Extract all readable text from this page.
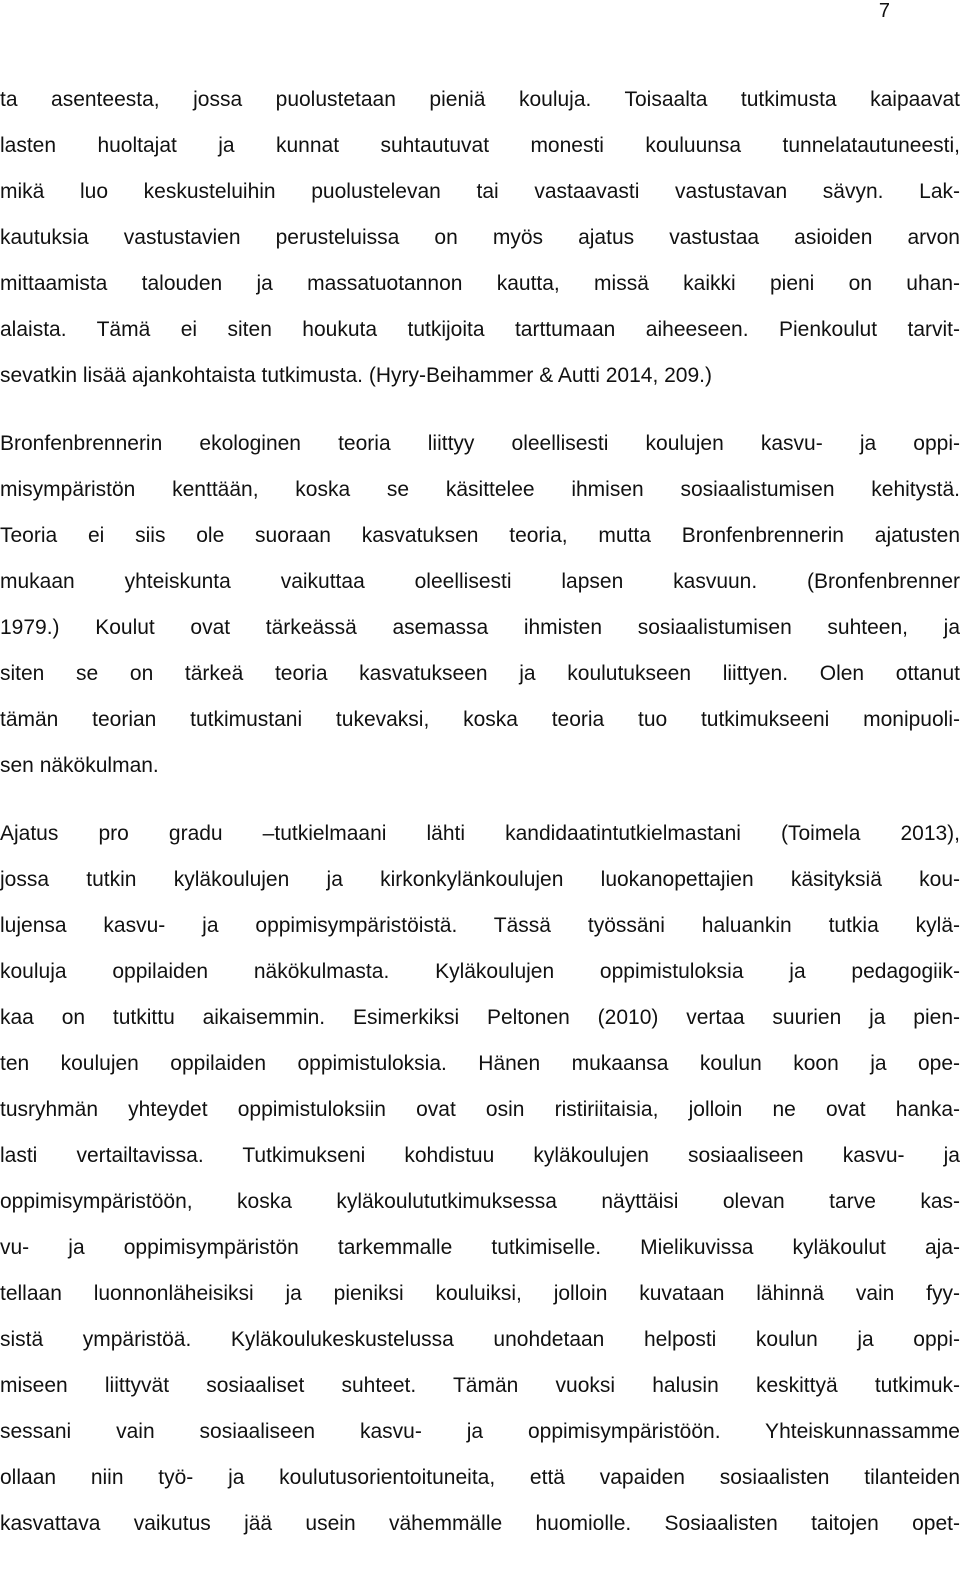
7

ta asenteesta, jossa puolustetaan pieniä kouluja. Toisaalta tutkimusta kaipaavat
lasten huoltajat ja kunnat suhtautuvat monesti kouluunsa tunnelatautuneesti,
mikä luo keskusteluihin puolustelevan tai vastaavasti vastustavan sävyn. Lak-
kautuksia vastustavien perusteluissa on myös ajatus vastustaa asioiden arvon
mittaamista talouden ja massatuotannon kautta, missä kaikki pieni on uhan-
alaista. Tämä ei siten houkuta tutkijoita tarttumaan aiheeseen. Pienkoulut tarvit-
sevatkin lisää ajankohtaista tutkimusta. (Hyry-Beihammer & Autti 2014, 209.)
Bronfenbrennerin ekologinen teoria liittyy oleellisesti koulujen kasvu- ja oppi-
misympäristön kenttään, koska se käsittelee ihmisen sosiaalistumisen kehitystä.
Teoria ei siis ole suoraan kasvatuksen teoria, mutta Bronfenbrennerin ajatusten
mukaan yhteiskunta vaikuttaa oleellisesti lapsen kasvuun. (Bronfenbrenner
1979.) Koulut ovat tärkeässä asemassa ihmisten sosiaalistumisen suhteen, ja
siten se on tärkeä teoria kasvatukseen ja koulutukseen liittyen. Olen ottanut
tämän teorian tutkimustani tukevaksi, koska teoria tuo tutkimukseeni monipuoli-
sen näkökulman.
Ajatus pro gradu –tutkielmaani lähti kandidaatintutkielmastani (Toimela 2013),
jossa tutkin kyläkoulujen ja kirkonkylänkoulujen luokanopettajien käsityksiä kou-
lujensa kasvu- ja oppimisympäristöistä. Tässä työssäni haluankin tutkia kylä-
kouluja oppilaiden näkökulmasta. Kyläkoulujen oppimistuloksia ja pedagogiik-
kaa on tutkittu aikaisemmin. Esimerkiksi Peltonen (2010) vertaa suurien ja pien-
ten koulujen oppilaiden oppimistuloksia. Hänen mukaansa koulun koon ja ope-
tusryhmän yhteydet oppimistuloksiin ovat osin ristiriitaisia, jolloin ne ovat hanka-
lasti vertailtavissa. Tutkimukseni kohdistuu kyläkoulujen sosiaaliseen kasvu- ja
oppimisympäristöön, koska kyläkoulututkimuksessa näyttäisi olevan tarve kas-
vu- ja oppimisympäristön tarkemmalle tutkimiselle. Mielikuvissa kyläkoulut aja-
tellaan luonnonläheisiksi ja pieniksi kouluiksi, jolloin kuvataan lähinnä vain fyy-
sistä ympäristöä. Kyläkoulukeskustelussa unohdetaan helposti koulun ja oppi-
miseen liittyvät sosiaaliset suhteet. Tämän vuoksi halusin keskittyä tutkimuk-
sessani vain sosiaaliseen kasvu- ja oppimisympäristöön. Yhteiskunnassamme
ollaan niin työ- ja koulutusorientoituneita, että vapaiden sosiaalisten tilanteiden
kasvattava vaikutus jää usein vähemmälle huomiolle. Sosiaalisten taitojen opet-
